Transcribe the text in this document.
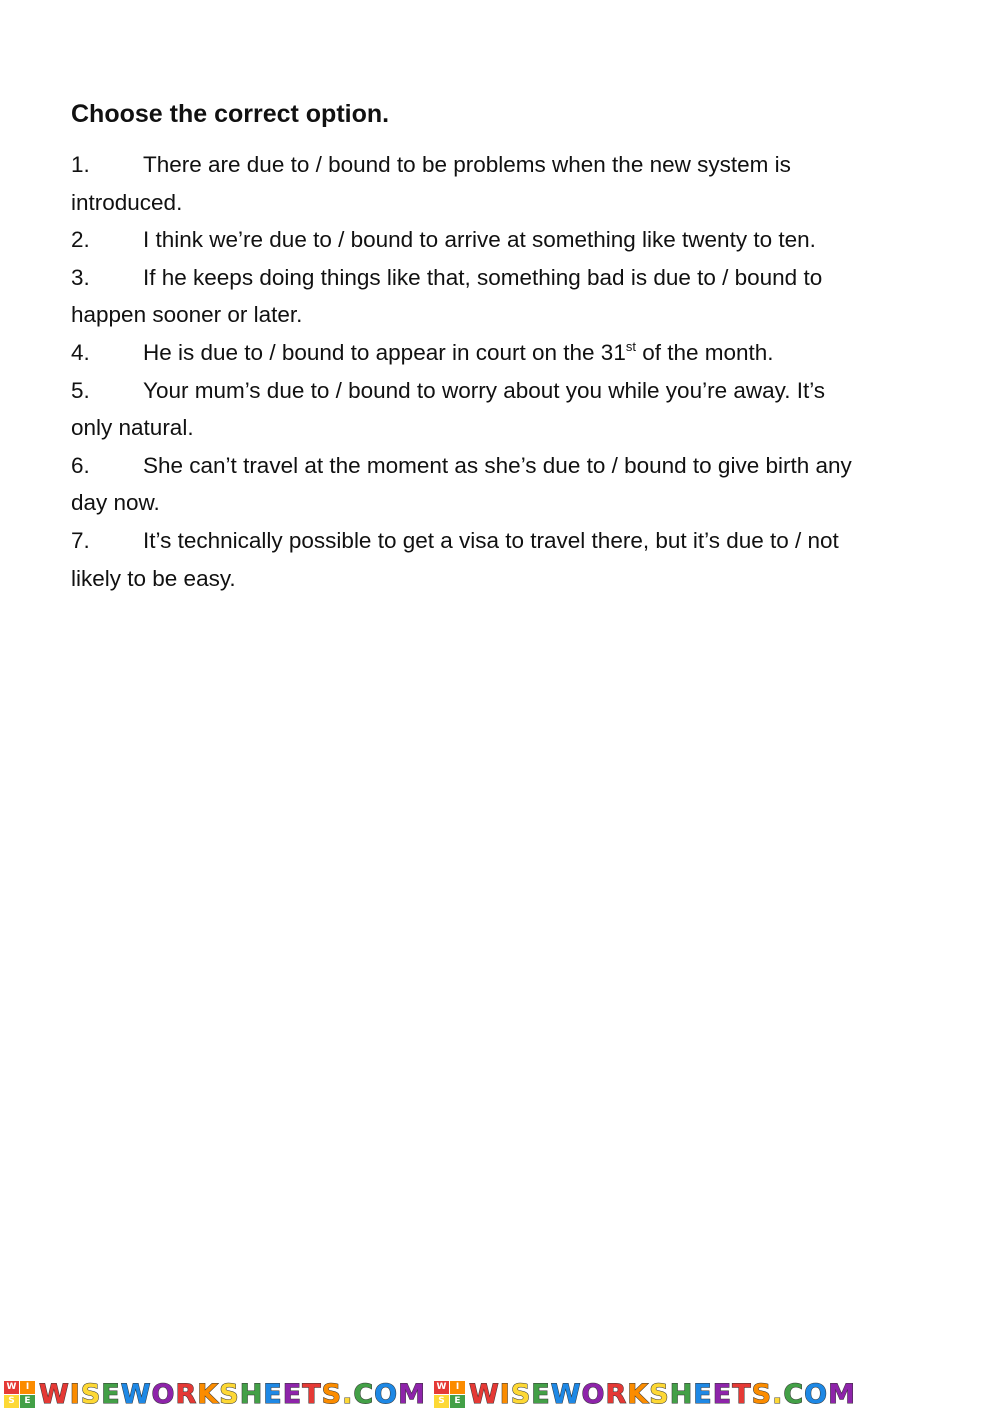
Choose the correct option.

1. There are due to / bound to be problems when the new system is
introduced.

2. I think we’re due to / bound to arrive at something like twenty to ten.

3. If he keeps doing things like that, something bad is due to / bound to
happen sooner or later.

4. He is due to / bound to appear in court on the 31st of the month.

5. Your mum’s due to / bound to worry about you while you’re away. It’s
only natural.

6. She can’t travel at the moment as she’s due to / bound to give birth any
day now.

7. It’s technically possible to get a visa to travel there, but it’s due to / not
likely to be easy.

W	I
S	E W I S E W O R K S H E E T S . C O M W	I
S	E W I S E W O R K S H E E T S . C O M
